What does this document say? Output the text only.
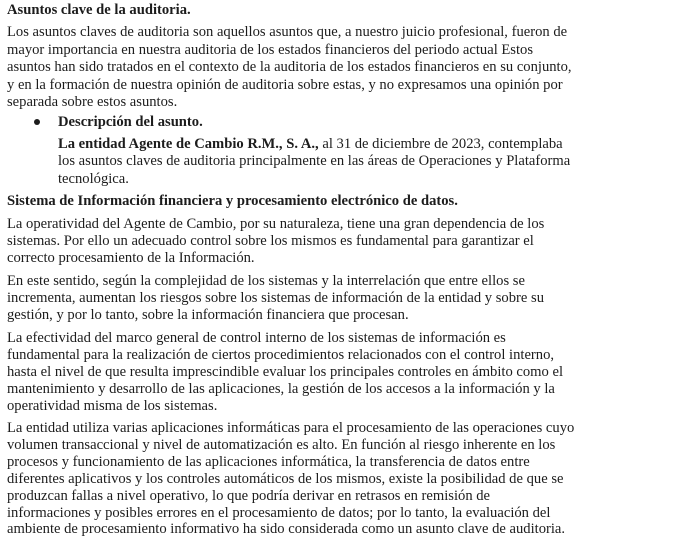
Asuntos clave de la auditoria.
Los asuntos claves de auditoria son aquellos asuntos que, a nuestro juicio profesional, fueron de
mayor importancia en nuestra auditoria de los estados financieros del periodo actual Estos
asuntos han sido tratados en el contexto de la auditoria de los estados financieros en su conjunto,
y en la formación de nuestra opinión de auditoria sobre estas, y no expresamos una opinión por
separada sobre estos asuntos.
Descripción del asunto.
La entidad Agente de Cambio R.M., S. A., al 31 de diciembre de 2023, contemplaba
los asuntos claves de auditoria principalmente en las áreas de Operaciones y Plataforma
tecnológica.
Sistema de Información financiera y procesamiento electrónico de datos.
La operatividad del Agente de Cambio, por su naturaleza, tiene una gran dependencia de los
sistemas. Por ello un adecuado control sobre los mismos es fundamental para garantizar el
correcto procesamiento de la Información.
En este sentido, según la complejidad de los sistemas y la interrelación que entre ellos se
incrementa, aumentan los riesgos sobre los sistemas de información de la entidad y sobre su
gestión, y por lo tanto, sobre la información financiera que procesan.
La efectividad del marco general de control interno de los sistemas de información es
fundamental para la realización de ciertos procedimientos relacionados con el control interno,
hasta el nivel de que resulta imprescindible evaluar los principales controles en ámbito como el
mantenimiento y desarrollo de las aplicaciones, la gestión de los accesos a la información y la
operatividad misma de los sistemas.
La entidad utiliza varias aplicaciones informáticas para el procesamiento de las operaciones cuyo
volumen transaccional y nivel de automatización es alto. En función al riesgo inherente en los
procesos y funcionamiento de las aplicaciones informática, la transferencia de datos entre
diferentes aplicativos y los controles automáticos de los mismos, existe la posibilidad de que se
produzcan fallas a nivel operativo, lo que podría derivar en retrasos en remisión de
informaciones y posibles errores en el procesamiento de datos; por lo tanto, la evaluación del
ambiente de procesamiento informativo ha sido considerada como un asunto clave de auditoria.
